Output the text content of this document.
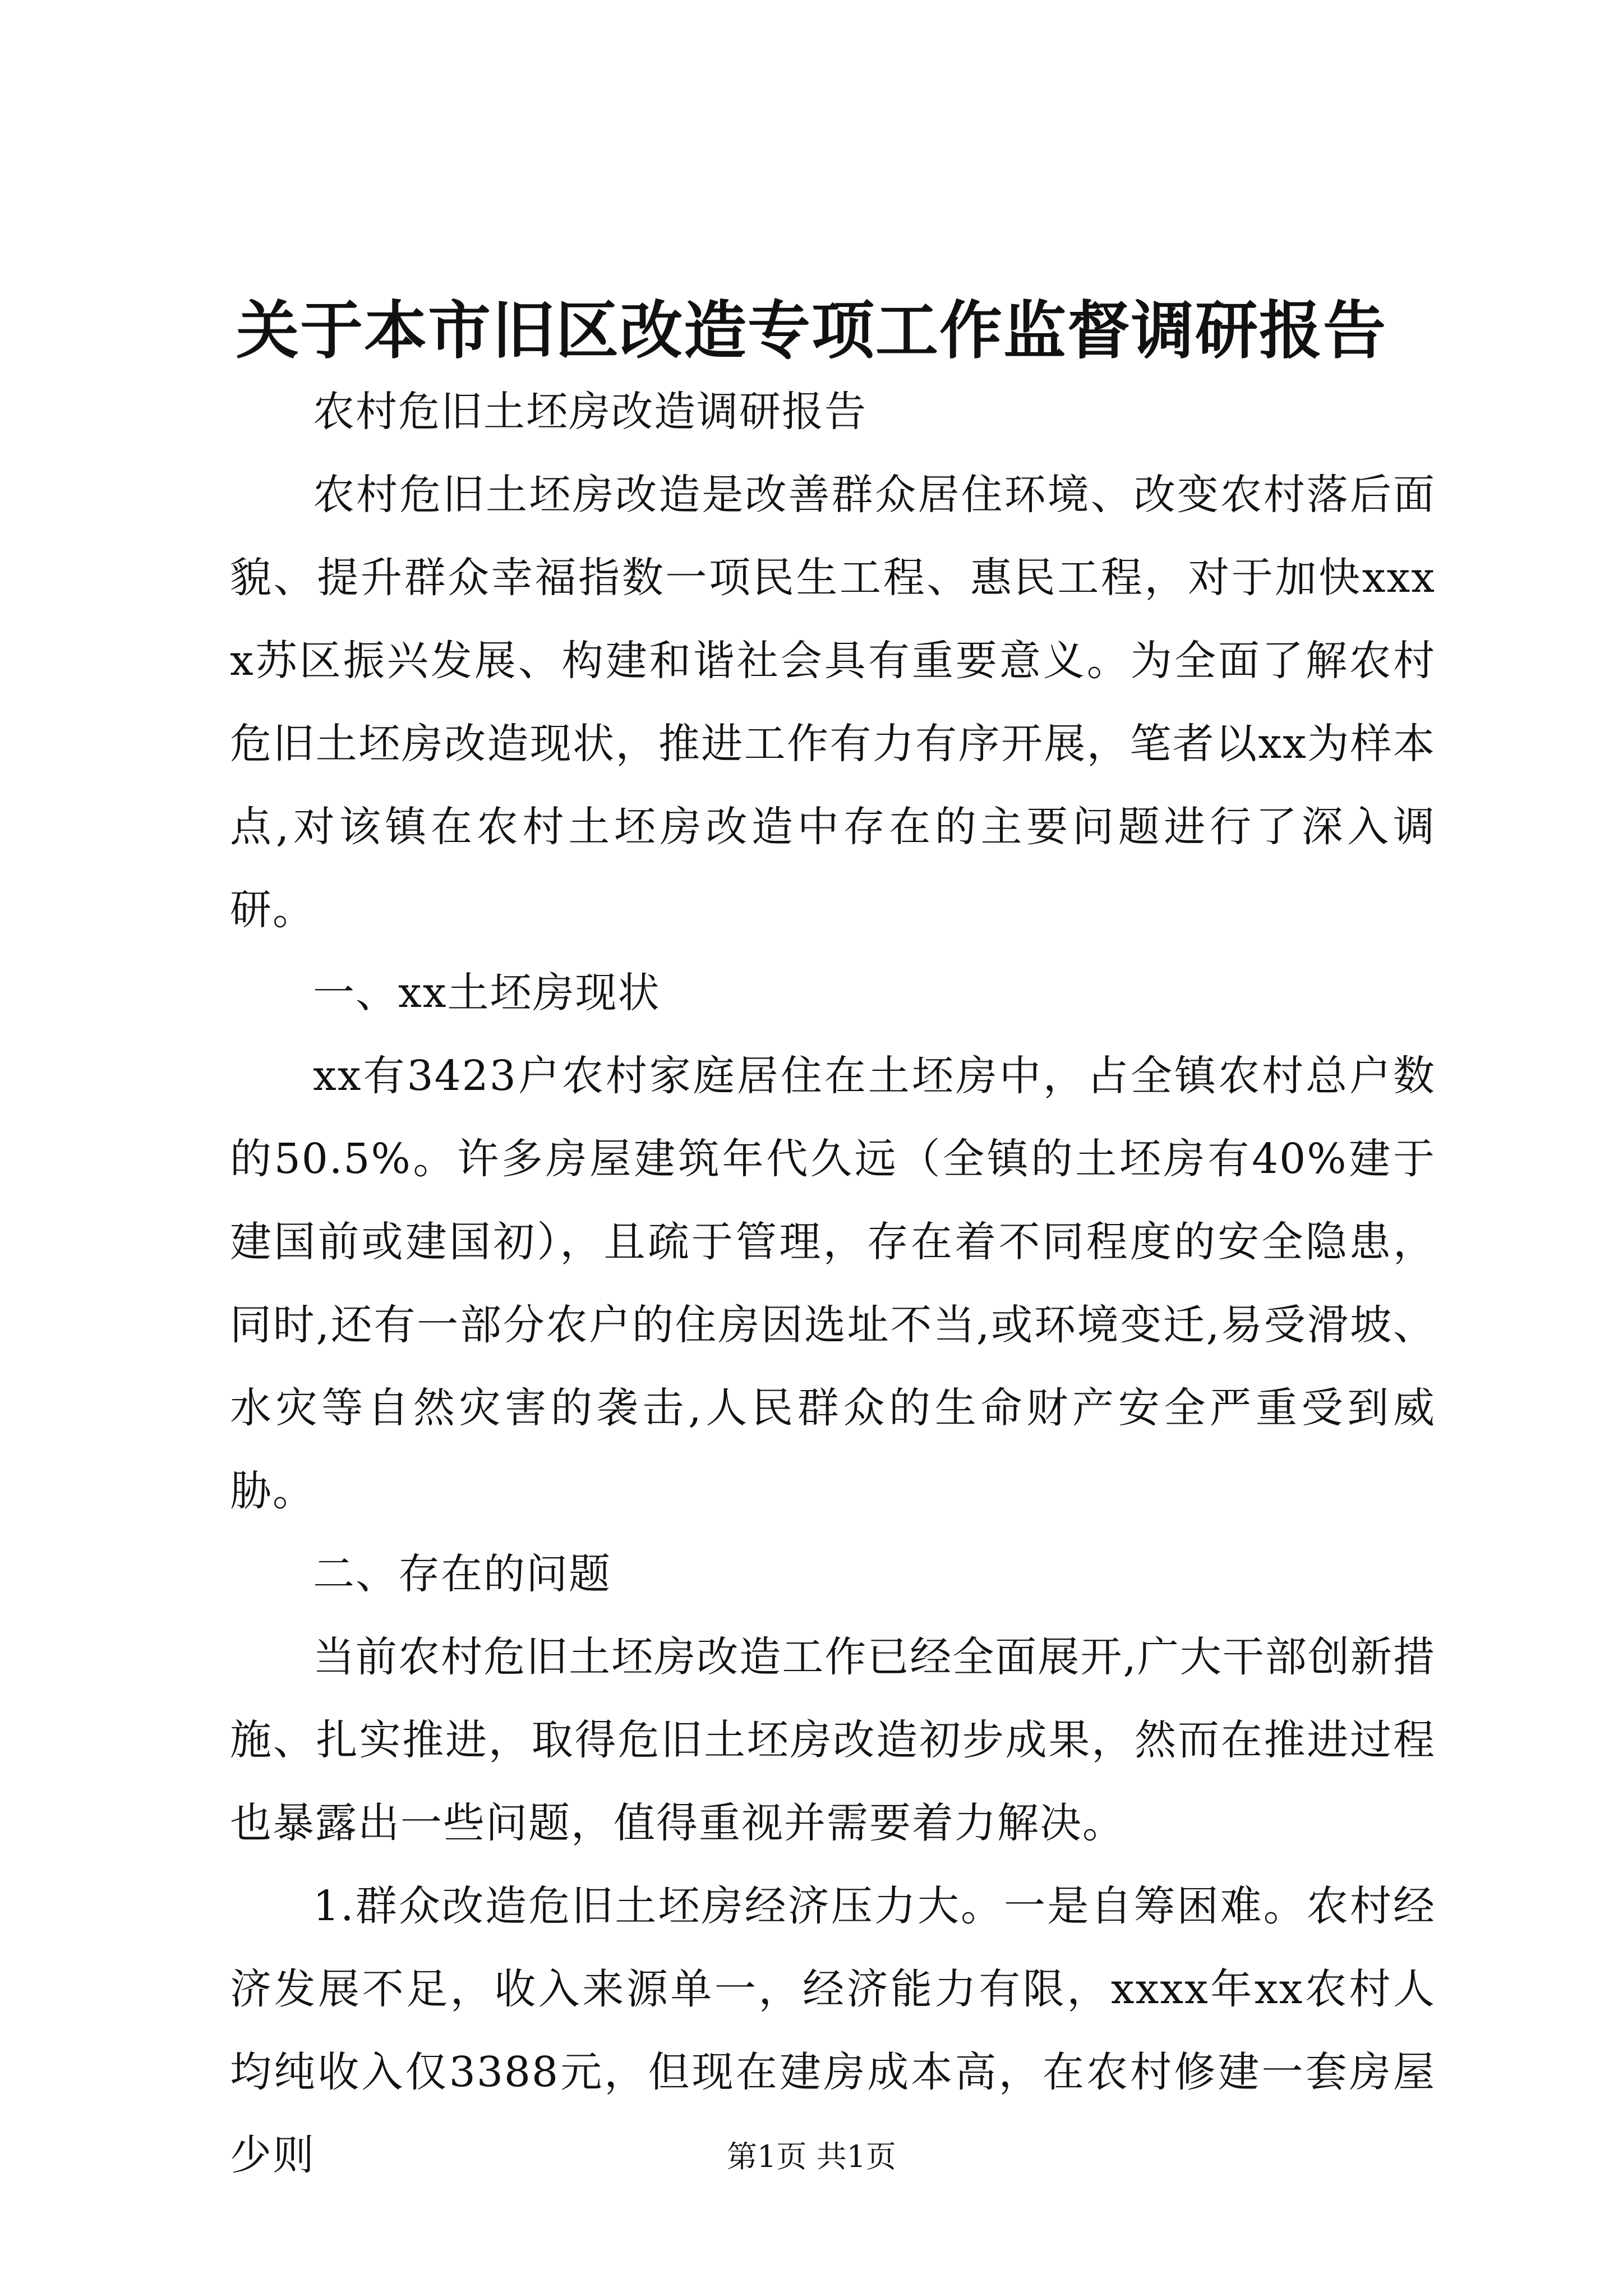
关于本市旧区改造专项工作监督调研报告

农村危旧土坯房改造调研报告

农村危旧土坯房改造是改善群众居住环境、改变农村落后面貌、提升群众幸福指数一项民生工程、惠民工程，对于加快xxxx苏区振兴发展、构建和谐社会具有重要意义。为全面了解农村危旧土坯房改造现状，推进工作有力有序开展，笔者以xx为样本点,对该镇在农村土坯房改造中存在的主要问题进行了深入调研。

一、xx土坯房现状

xx有3423户农村家庭居住在土坯房中，占全镇农村总户数的50.5%。许多房屋建筑年代久远（全镇的土坯房有40%建于建国前或建国初），且疏于管理，存在着不同程度的安全隐患，同时,还有一部分农户的住房因选址不当,或环境变迁,易受滑坡、水灾等自然灾害的袭击,人民群众的生命财产安全严重受到威胁。

二、存在的问题

当前农村危旧土坯房改造工作已经全面展开,广大干部创新措施、扎实推进，取得危旧土坯房改造初步成果，然而在推进过程也暴露出一些问题，值得重视并需要着力解决。

1.群众改造危旧土坯房经济压力大。一是自筹困难。农村经济发展不足，收入来源单一，经济能力有限，xxxx年xx农村人均纯收入仅3388元，但现在建房成本高，在农村修建一套房屋少则	第1页 共1页
